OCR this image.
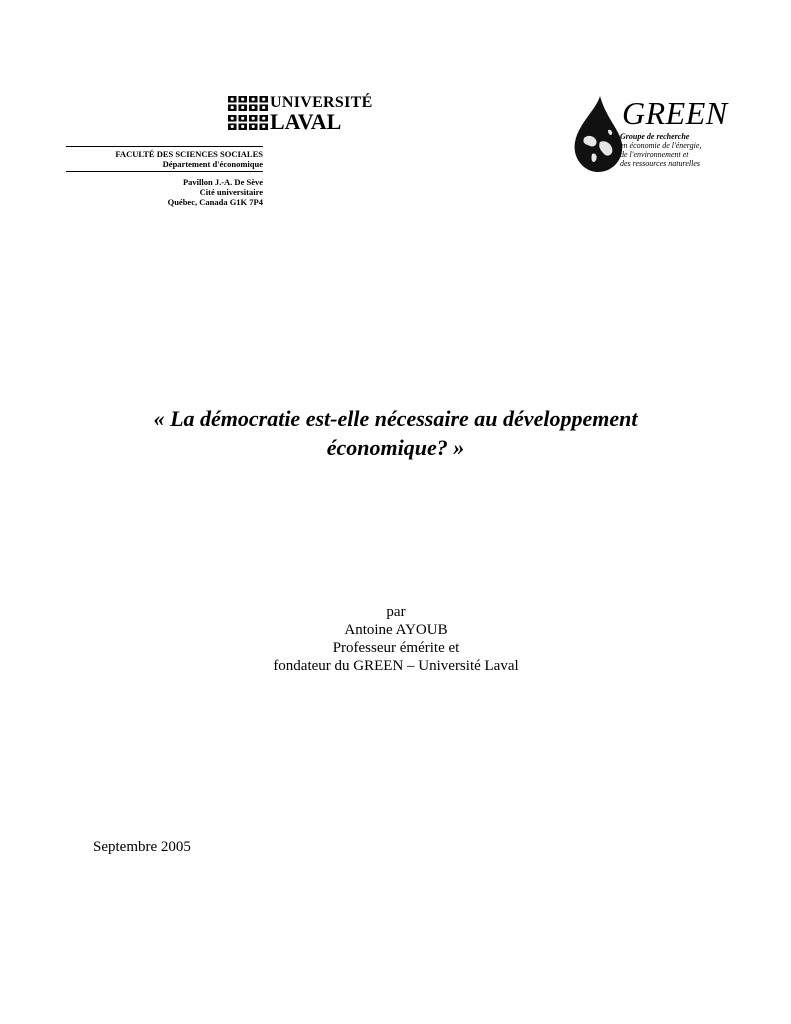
UNIVERSITÉ
LAVAL
FACULTÉ DES SCIENCES SOCIALES
Département d'économique
Pavillon J.-A. De Sève
Cité universitaire
Québec, Canada G1K 7P4
GREEN
Groupe de recherche
en économie de l'énergie,
de l'environnement et
des ressources naturelles
« La démocratie est-elle nécessaire au développement
économique? »
par
Antoine AYOUB
Professeur émérite et
fondateur du GREEN – Université Laval
Septembre 2005
